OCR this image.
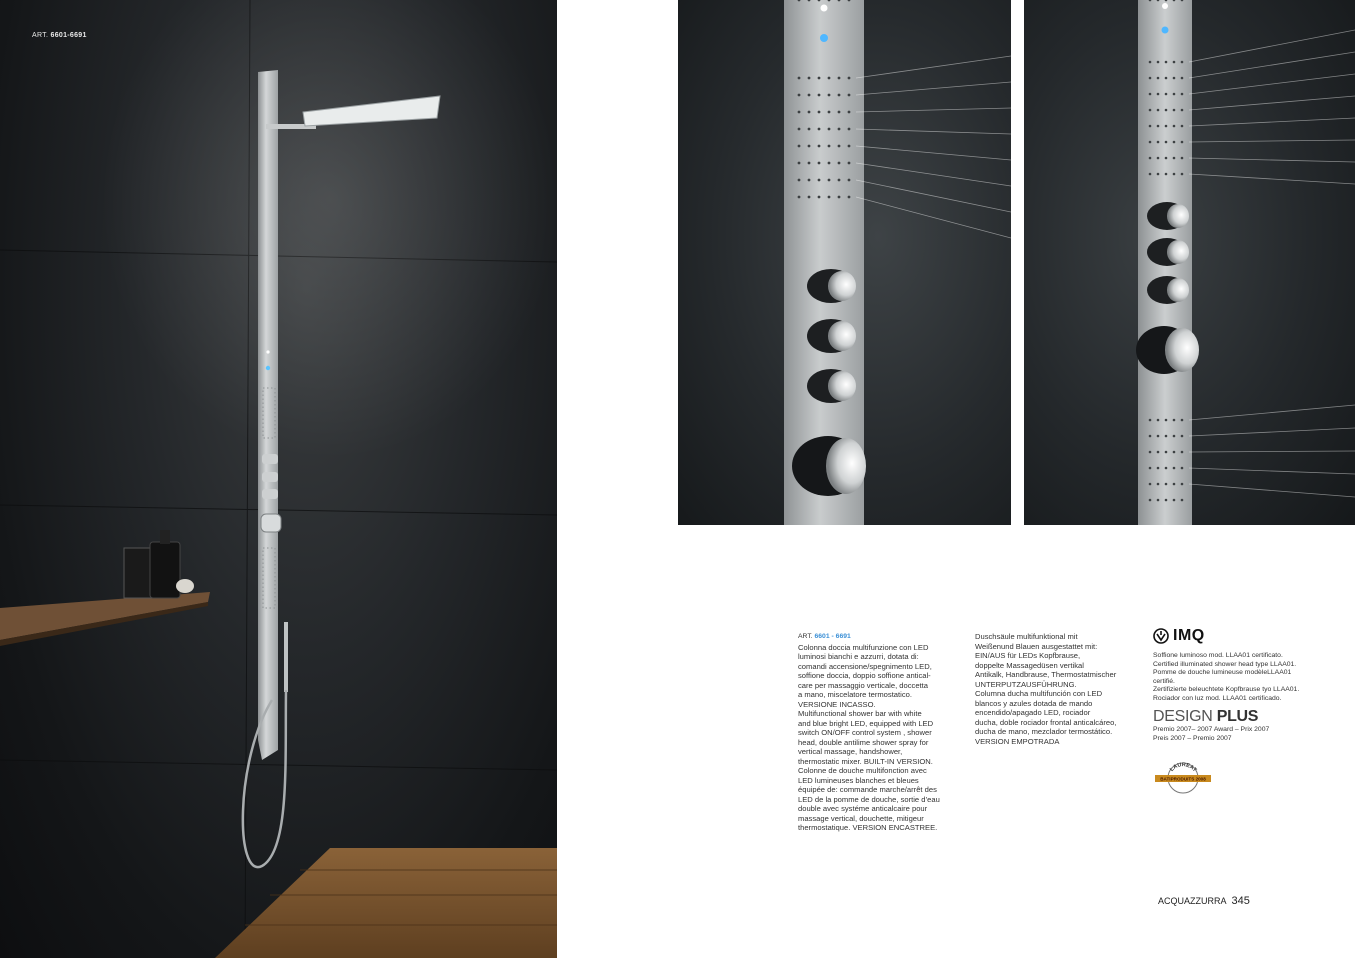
ART. 6601-6691
ART. 6601 - 6691
Colonna doccia multifunzione con LED
luminosi bianchi e azzurri, dotata di:
comandi accensione/spegnimento LED,
soffione doccia, doppio soffione antical-
care per massaggio verticale, doccetta
a mano, miscelatore termostatico.
VERSIONE INCASSO.
Multifunctional shower bar with white
and blue bright LED, equipped with LED
switch ON/OFF control system , shower
head, double antilime shower spray for
vertical massage, handshower,
thermostatic mixer. BUILT-IN VERSION.
Colonne de douche multifonction avec
LED lumineuses blanches et bleues
équipée de: commande marche/arrêt des
LED de la pomme de douche, sortie d’eau
double avec systéme anticalcaire pour
massage vertical, douchette, mitigeur
thermostatique. VERSION ENCASTREE.
Duschsäule multifunktional mit
Weißenund Blauen ausgestattet mit:
EIN/AUS für LEDs Kopfbrause,
doppelte Massagedüsen vertikal
Antikalk, Handbrause, Thermostatmischer
UNTERPUTZAUSFÜHRUNG.
Columna ducha multifunción con LED
blancos y azules dotada de mando
encendido/apagado LED, rociador
ducha, doble rociador frontal anticalcáreo,
ducha de mano, mezclador termostático.
VERSION EMPOTRADA
IMQ
Soffione luminoso mod. LLAA01 certificato.
Certified illuminated shower head type LLAA01.
Pomme de douche lumineuse modèleLLAA01
certifié.
Zertifizierte beleuchtete Kopfbrause tyo LLAA01.
Rociador con luz mod. LLAA01 certificado.
DESIGN PLUS
Premio 2007– 2007 Award – Prix 2007
Preis 2007 – Premio 2007
LAUREAT
BATIPRODUITS 2008
ACQUAZZURRA 345
